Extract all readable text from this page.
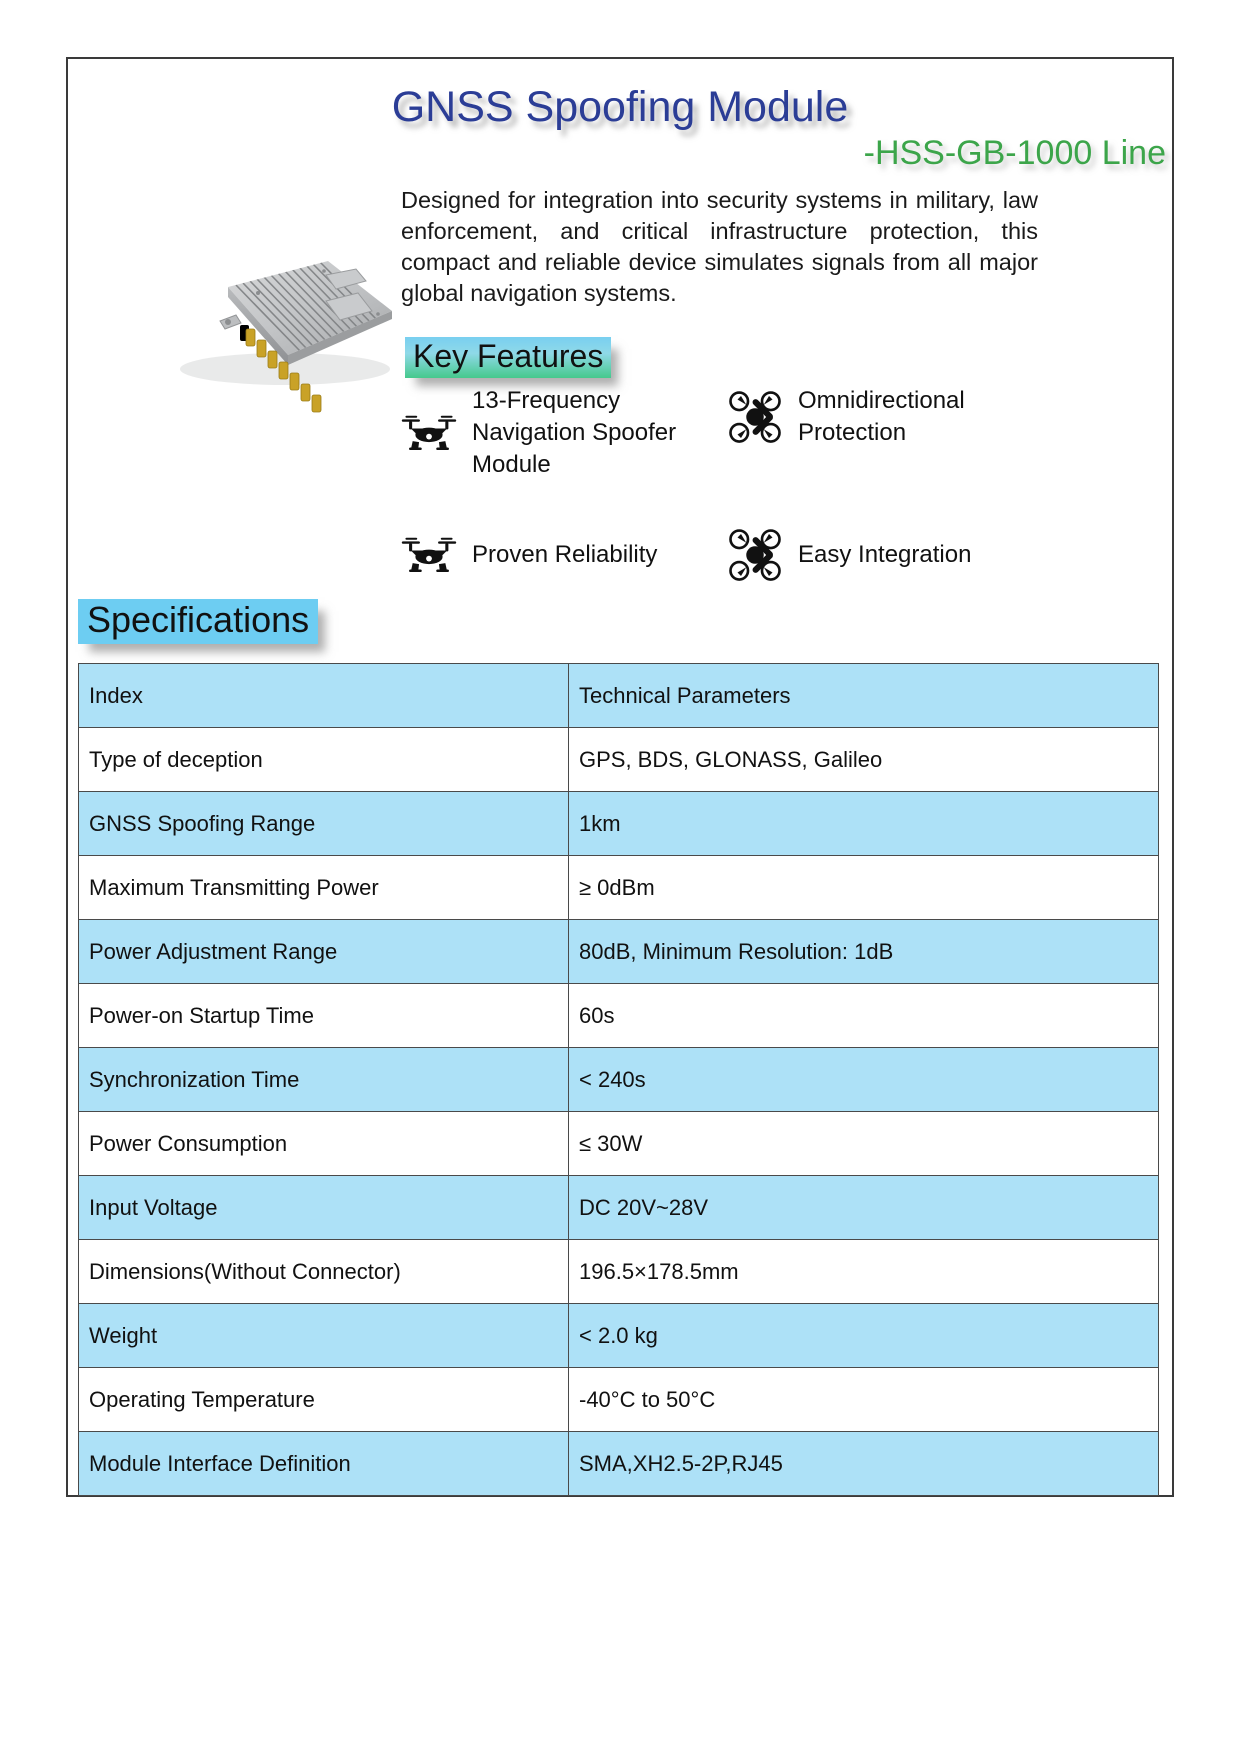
GNSS Spoofing Module
-HSS-GB-1000 Line
Designed for integration into security systems in military, law enforcement, and critical infrastructure protection, this compact and reliable device simulates signals from all major global navigation systems.
Key Features
13-Frequency Navigation Spoofer Module
Omnidirectional Protection
Proven Reliability	Easy Integration
Specifications
Index	Technical Parameters
Type of deception	GPS, BDS, GLONASS, Galileo
GNSS Spoofing Range	1km
Maximum Transmitting Power	≥ 0dBm
Power Adjustment Range	80dB, Minimum Resolution: 1dB
Power-on Startup Time	60s
Synchronization Time	< 240s
Power Consumption	≤ 30W
Input Voltage	DC 20V~28V
Dimensions(Without Connector)	196.5×178.5mm
Weight	< 2.0 kg
Operating Temperature	-40°C to 50°C
Module Interface Definition	SMA,XH2.5-2P,RJ45
